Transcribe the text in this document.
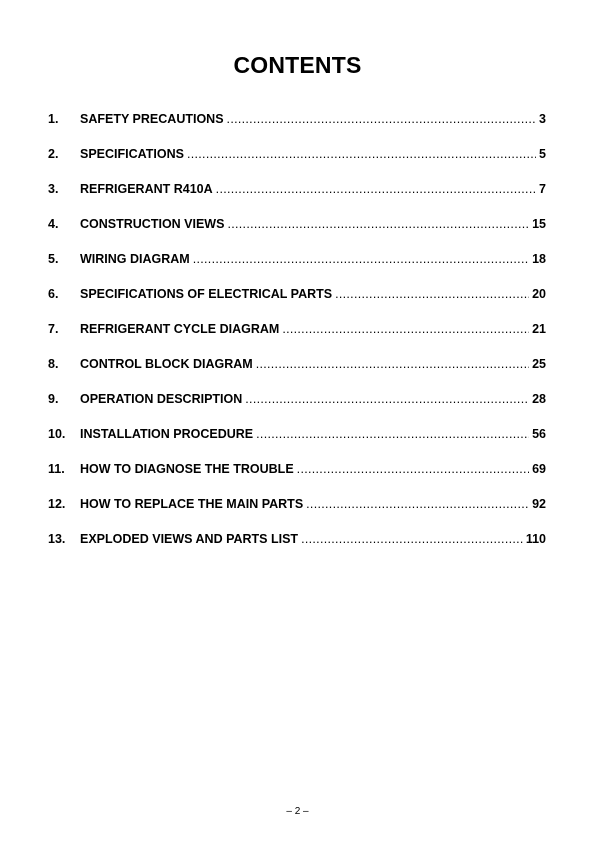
CONTENTS
1.	SAFETY PRECAUTIONS .....	3
2.	SPECIFICATIONS .....	5
3.	REFRIGERANT R410A .....	7
4.	CONSTRUCTION VIEWS .....	15
5.	WIRING DIAGRAM .....	18
6.	SPECIFICATIONS OF ELECTRICAL PARTS .....	20
7.	REFRIGERANT CYCLE DIAGRAM .....	21
8.	CONTROL BLOCK DIAGRAM .....	25
9.	OPERATION DESCRIPTION .....	28
10.	INSTALLATION PROCEDURE .....	56
11.	HOW TO DIAGNOSE THE TROUBLE .....	69
12.	HOW TO REPLACE THE MAIN PARTS .....	92
13.	EXPLODED VIEWS AND PARTS LIST .....	110
– 2 –
